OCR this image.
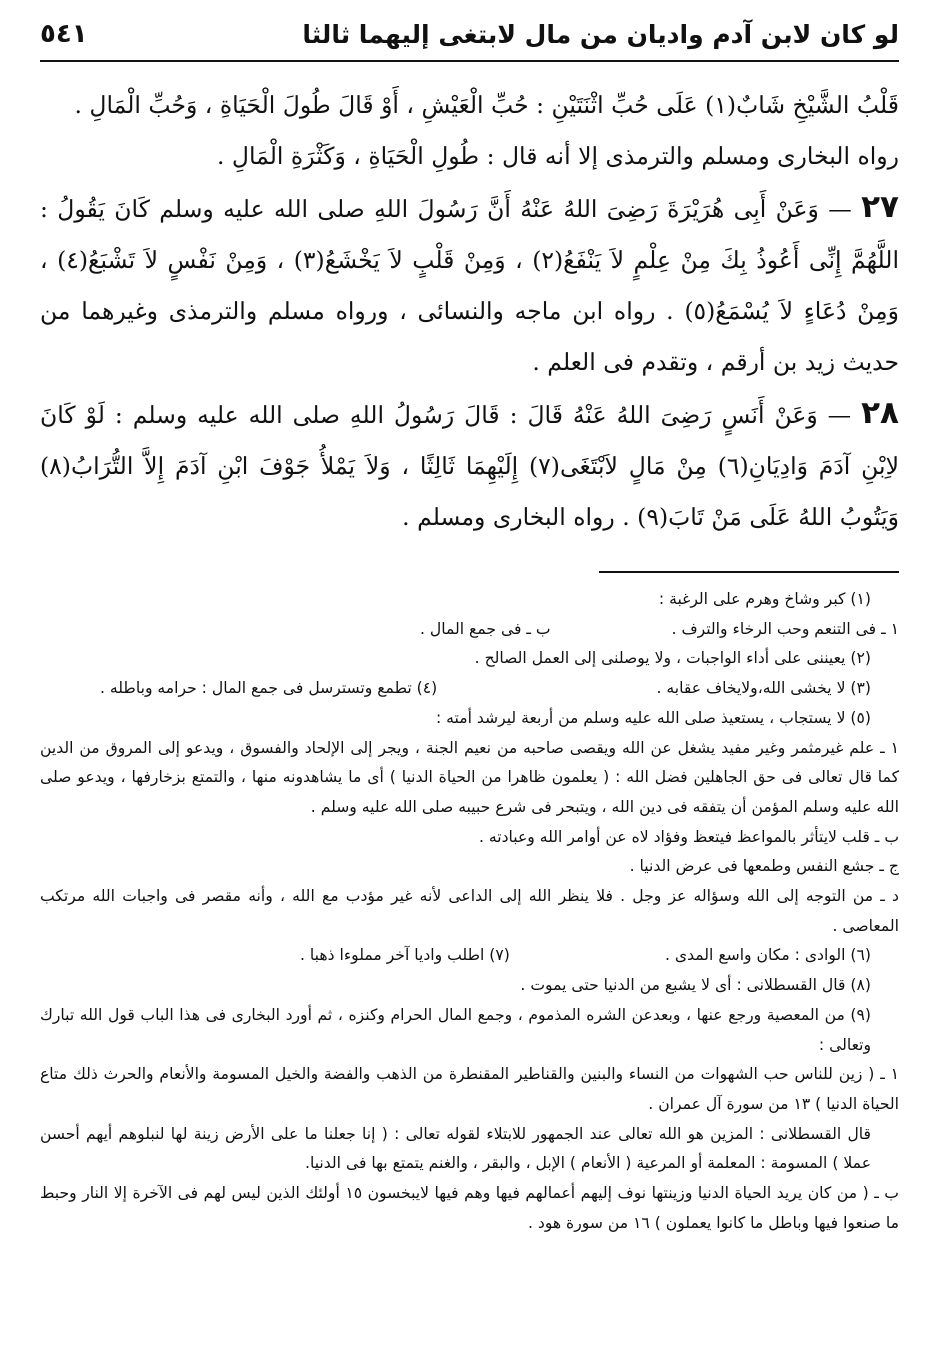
لو كان لابن آدم واديان من مال لابتغى إليهما ثالثا
٥٤١

قَلْبُ الشَّيْخِ شَابٌ(١) عَلَى حُبِّ اثْنَتَيْنِ : حُبِّ الْعَيْشِ ، أَوْ قَالَ طُولَ الْحَيَاةِ ، وَحُبِّ الْمَالِ .

رواه البخارى ومسلم والترمذى إلا أنه قال : طُولِ الْحَيَاةِ ، وَكَثْرَةِ الْمَالِ .

٢٧ — وَعَنْ أَبِى هُرَيْرَةَ رَضِىَ اللهُ عَنْهُ أَنَّ رَسُولَ اللهِ صلى الله عليه وسلم كَانَ يَقُولُ : اللَّهُمَّ إِنِّى أَعُوذُ بِكَ مِنْ عِلْمٍ لاَ يَنْفَعُ(٢) ، وَمِنْ قَلْبٍ لاَ يَخْشَعُ(٣) ، وَمِنْ نَفْسٍ لاَ تَشْبَعُ(٤) ، وَمِنْ دُعَاءٍ لاَ يُسْمَعُ(٥) . رواه ابن ماجه والنسائى ، ورواه مسلم والترمذى وغيرهما من حديث زيد بن أرقم ، وتقدم فى العلم .

٢٨ — وَعَنْ أَنَسٍ رَضِىَ اللهُ عَنْهُ قَالَ : قَالَ رَسُولُ اللهِ صلى الله عليه وسلم : لَوْ كَانَ لاِبْنِ آدَمَ وَادِيَانِ(٦) مِنْ مَالٍ لاَبْتَغَى(٧) إِلَيْهِمَا ثَالِثًا ، وَلاَ يَمْلأُ جَوْفَ ابْنِ آدَمَ إِلاَّ التُّرَابُ(٨) وَيَتُوبُ اللهُ عَلَى مَنْ تَابَ(٩) . رواه البخارى ومسلم .

(١) كبر وشاخ وهرم على الرغبة :

١ ـ فى التنعم وحب الرخاء والترف .
ب ـ فى جمع المال .

(٢) يعيننى على أداء الواجبات ، ولا يوصلنى إلى العمل الصالح .

(٣) لا يخشى الله،ولايخاف عقابه .
(٤) تطمع وتسترسل فى جمع المال : حرامه وباطله .

(٥) لا يستجاب ، يستعيذ صلى الله عليه وسلم من أربعة ليرشد أمته :

١ ـ علم غيرمثمر وغير مفيد يشغل عن الله ويقصى صاحبه من نعيم الجنة ، ويجر إلى الإلحاد والفسوق ، ويدعو إلى المروق من الدين كما قال تعالى فى حق الجاهلين فضل الله : ( يعلمون ظاهرا من الحياة الدنيا ) أى ما يشاهدونه منها ، والتمتع بزخارفها ، ويدعو صلى الله عليه وسلم المؤمن أن يتفقه فى دين الله ، ويتبحر فى شرع حبيبه صلى الله عليه وسلم .

ب ـ قلب لايتأثر بالمواعظ فيتعظ وفؤاد لاه عن أوامر الله وعبادته .

ج ـ جشع النفس وطمعها فى عرض الدنيا .

د ـ من التوجه إلى الله وسؤاله عز وجل . فلا ينظر الله إلى الداعى لأنه غير مؤدب مع الله ، وأنه مقصر فى واجبات الله مرتكب المعاصى .

(٦) الوادى : مكان واسع المدى .
(٧) اطلب واديا آخر مملوءا ذهبا .

(٨) قال القسطلانى : أى لا يشبع من الدنيا حتى يموت .

(٩) من المعصية ورجع عنها ، وبعدعن الشره المذموم ، وجمع المال الحرام وكنزه ، ثم أورد البخارى فى هذا الباب قول الله تبارك وتعالى :

١ ـ ( زين للناس حب الشهوات من النساء والبنين والقناطير المقنطرة من الذهب والفضة والخيل المسومة والأنعام والحرث ذلك متاع الحياة الدنيا ) ١٣ من سورة آل عمران .

قال القسطلانى : المزين هو الله تعالى عند الجمهور للابتلاء لقوله تعالى : ( إنا جعلنا ما على الأرض زينة لها لنبلوهم أيهم أحسن عملا ) المسومة : المعلمة أو المرعية ( الأنعام ) الإبل ، والبقر ، والغنم يتمتع بها فى الدنيا.

ب ـ ( من كان يريد الحياة الدنيا وزينتها نوف إليهم أعمالهم فيها وهم فيها لايبخسون ١٥ أولئك الذين ليس لهم فى الآخرة إلا النار وحبط ما صنعوا فيها وباطل ما كانوا يعملون ) ١٦ من سورة هود .
